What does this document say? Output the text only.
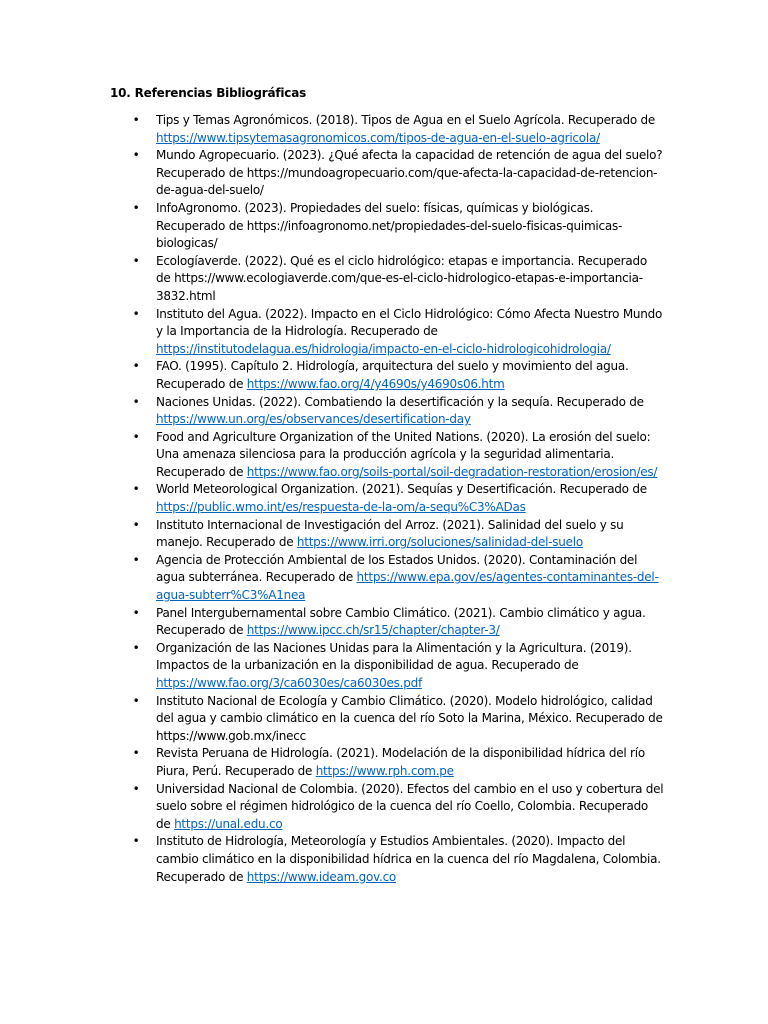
10. Referencias Bibliográficas
• Tips y Temas Agronómicos. (2018). Tipos de Agua en el Suelo Agrícola. Recuperado de https://www.tipsytemasagronomicos.com/tipos-de-agua-en-el-suelo-agricola/
• Mundo Agropecuario. (2023). ¿Qué afecta la capacidad de retención de agua del suelo? Recuperado de https://mundoagropecuario.com/que-afecta-la-capacidad-de-retencion-de-agua-del-suelo/
• InfoAgronomo. (2023). Propiedades del suelo: físicas, químicas y biológicas. Recuperado de https://infoagronomo.net/propiedades-del-suelo-fisicas-quimicas-biologicas/
• Ecologíaverde. (2022). Qué es el ciclo hidrológico: etapas e importancia. Recuperado de https://www.ecologiaverde.com/que-es-el-ciclo-hidrologico-etapas-e-importancia-3832.html
• Instituto del Agua. (2022). Impacto en el Ciclo Hidrológico: Cómo Afecta Nuestro Mundo y la Importancia de la Hidrología. Recuperado de https://institutodelagua.es/hidrologia/impacto-en-el-ciclo-hidrologicohidrologia/
• FAO. (1995). Capítulo 2. Hidrología, arquitectura del suelo y movimiento del agua. Recuperado de https://www.fao.org/4/y4690s/y4690s06.htm
• Naciones Unidas. (2022). Combatiendo la desertificación y la sequía. Recuperado de https://www.un.org/es/observances/desertification-day
• Food and Agriculture Organization of the United Nations. (2020). La erosión del suelo: Una amenaza silenciosa para la producción agrícola y la seguridad alimentaria. Recuperado de https://www.fao.org/soils-portal/soil-degradation-restoration/erosion/es/
• World Meteorological Organization. (2021). Sequías y Desertificación. Recuperado de https://public.wmo.int/es/respuesta-de-la-om/a-sequ%C3%ADas
• Instituto Internacional de Investigación del Arroz. (2021). Salinidad del suelo y su manejo. Recuperado de https://www.irri.org/soluciones/salinidad-del-suelo
• Agencia de Protección Ambiental de los Estados Unidos. (2020). Contaminación del agua subterránea. Recuperado de https://www.epa.gov/es/agentes-contaminantes-del-agua-subterr%C3%A1nea
• Panel Intergubernamental sobre Cambio Climático. (2021). Cambio climático y agua. Recuperado de https://www.ipcc.ch/sr15/chapter/chapter-3/
• Organización de las Naciones Unidas para la Alimentación y la Agricultura. (2019). Impactos de la urbanización en la disponibilidad de agua. Recuperado de https://www.fao.org/3/ca6030es/ca6030es.pdf
• Instituto Nacional de Ecología y Cambio Climático. (2020). Modelo hidrológico, calidad del agua y cambio climático en la cuenca del río Soto la Marina, México. Recuperado de https://www.gob.mx/inecc
• Revista Peruana de Hidrología. (2021). Modelación de la disponibilidad hídrica del río Piura, Perú. Recuperado de https://www.rph.com.pe
• Universidad Nacional de Colombia. (2020). Efectos del cambio en el uso y cobertura del suelo sobre el régimen hidrológico de la cuenca del río Coello, Colombia. Recuperado de https://unal.edu.co
• Instituto de Hidrología, Meteorología y Estudios Ambientales. (2020). Impacto del cambio climático en la disponibilidad hídrica en la cuenca del río Magdalena, Colombia. Recuperado de https://www.ideam.gov.co
